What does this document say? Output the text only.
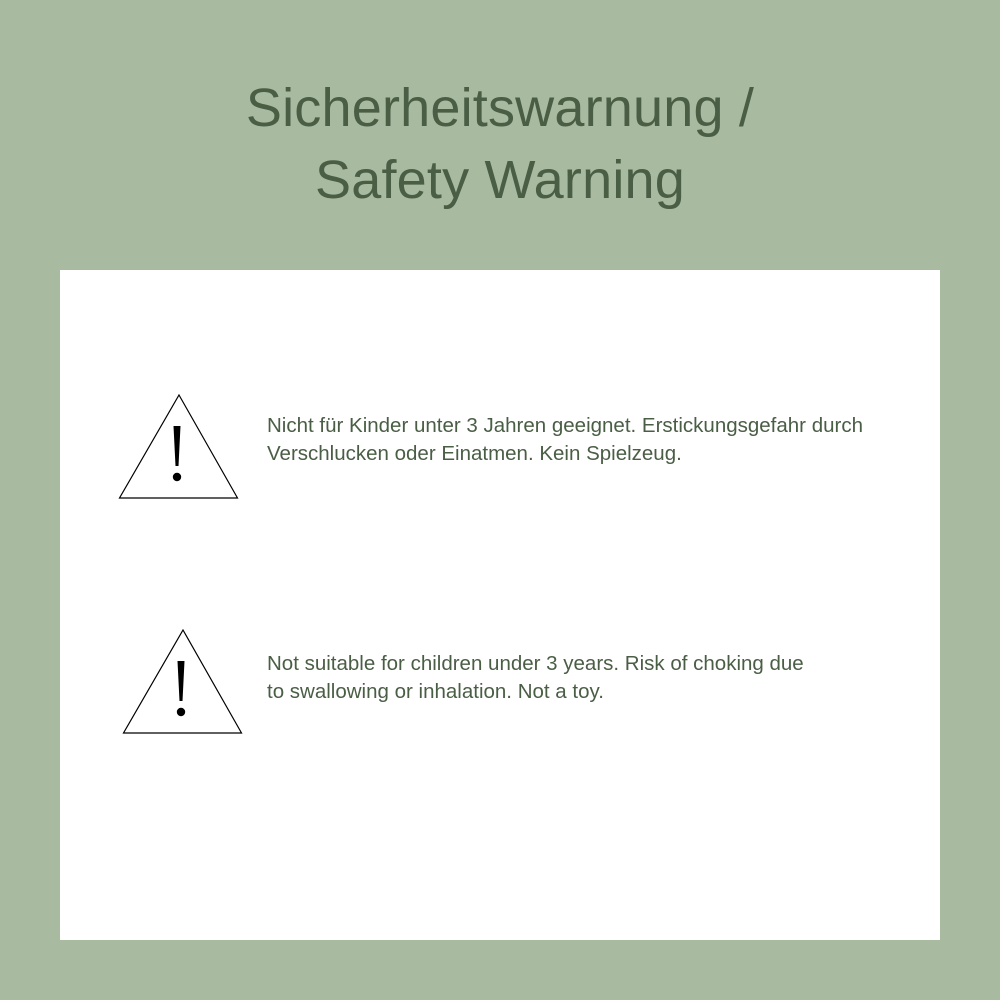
Sicherheitswarnung /
Safety Warning
Nicht für Kinder unter 3 Jahren geeignet. Erstickungsgefahr durch
Verschlucken oder Einatmen. Kein Spielzeug.
Not suitable for children under 3 years. Risk of choking due
to swallowing or inhalation. Not a toy.
